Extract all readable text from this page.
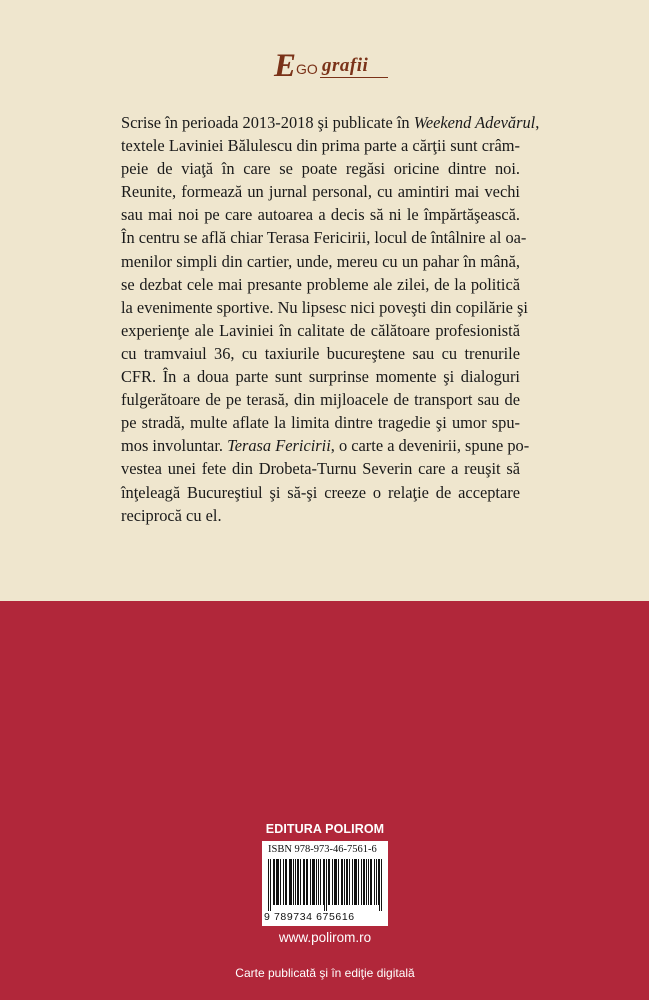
E GO grafii

Scrise în perioada 2013-2018 şi publicate în Weekend Adevărul,
textele Laviniei Bălulescu din prima parte a cărţii sunt crâm-
peie de viaţă în care se poate regăsi oricine dintre noi.
Reunite, formează un jurnal personal, cu amintiri mai vechi
sau mai noi pe care autoarea a decis să ni le împărtăşească.
În centru se află chiar Terasa Fericirii, locul de întâlnire al oa-
menilor simpli din cartier, unde, mereu cu un pahar în mână,
se dezbat cele mai presante probleme ale zilei, de la politică
la evenimente sportive. Nu lipsesc nici poveşti din copilărie şi
experienţe ale Laviniei în calitate de călătoare profesionistă
cu tramvaiul 36, cu taxiurile bucureştene sau cu trenurile
CFR. În a doua parte sunt surprinse momente şi dialoguri
fulgerătoare de pe terasă, din mijloacele de transport sau de
pe stradă, multe aflate la limita dintre tragedie şi umor spu-
mos involuntar. Terasa Fericirii, o carte a devenirii, spune po-
vestea unei fete din Drobeta-Turnu Severin care a reuşit să
înţeleagă Bucureştiul şi să-şi creeze o relaţie de acceptare
reciprocă cu el.

EDITURA POLIROM
ISBN 978-973-46-7561-6
9 789734 675616
www.polirom.ro
Carte publicată şi în ediţie digitală
